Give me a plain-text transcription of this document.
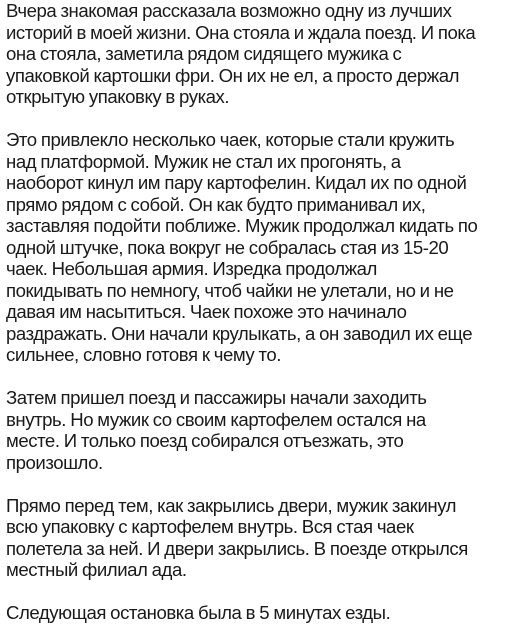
Вчера знакомая рассказала возможно одну из лучших
историй в моей жизни. Она стояла и ждала поезд. И пока
она стояла, заметила рядом сидящего мужика с
упаковкой картошки фри. Он их не ел, а просто держал
открытую упаковку в руках.
Это привлекло несколько чаек, которые стали кружить
над платформой. Мужик не стал их прогонять, а
наоборот кинул им пару картофелин. Кидал их по одной
прямо рядом с собой. Он как будто приманивал их,
заставляя подойти поближе. Мужик продолжал кидать по
одной штучке, пока вокруг не собралась стая из 15-20
чаек. Небольшая армия. Изредка продолжал
покидывать по немногу, чтоб чайки не улетали, но и не
давая им насытиться. Чаек похоже это начинало
раздражать. Они начали крулыкать, а он заводил их еще
сильнее, словно готовя к чему то.
Затем пришел поезд и пассажиры начали заходить
внутрь. Но мужик со своим картофелем остался на
месте. И только поезд собирался отъезжать, это
произошло.
Прямо перед тем, как закрылись двери, мужик закинул
всю упаковку с картофелем внутрь. Вся стая чаек
полетела за ней. И двери закрылись. В поезде открылся
местный филиал ада.
Следующая остановка была в 5 минутах езды.
